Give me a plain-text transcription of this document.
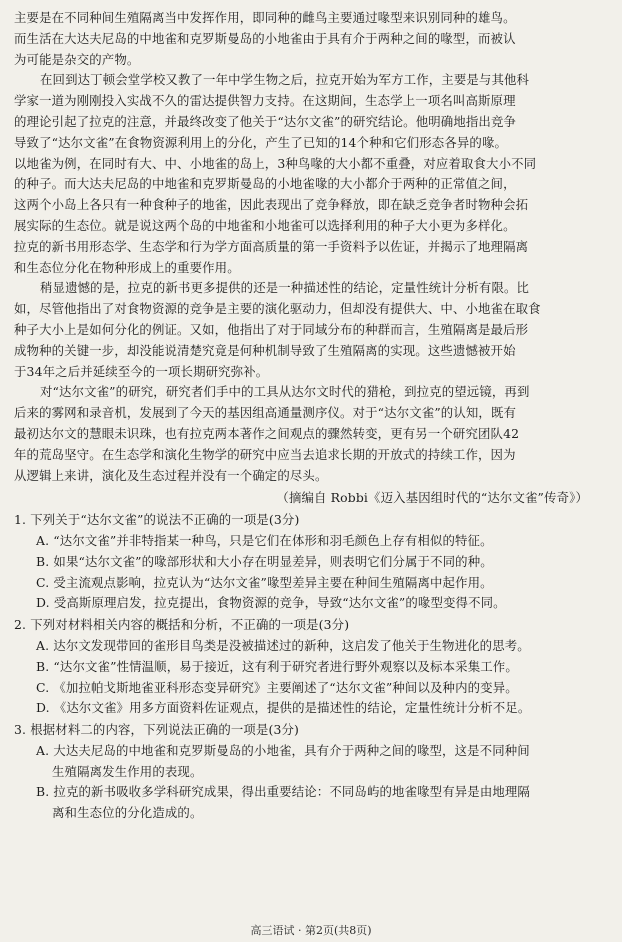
主要是在不同种间生殖隔离当中发挥作用，即同种的雌鸟主要通过喙型来识别同种的雄鸟。
而生活在大达夫尼岛的中地雀和克罗斯曼岛的小地雀由于具有介于两种之间的喙型，而被认
为可能是杂交的产物。
在回到达丁顿会堂学校又教了一年中学生物之后，拉克开始为军方工作，主要是与其他科
学家一道为刚刚投入实战不久的雷达提供智力支持。在这期间，生态学上一项名叫高斯原理
的理论引起了拉克的注意，并最终改变了他关于“达尔文雀”的研究结论。他明确地指出竞争
导致了“达尔文雀”在食物资源利用上的分化，产生了已知的14个种和它们形态各异的喙。
以地雀为例，在同时有大、中、小地雀的岛上，3种鸟喙的大小都不重叠，对应着取食大小不同
的种子。而大达夫尼岛的中地雀和克罗斯曼岛的小地雀喙的大小都介于两种的正常值之间，
这两个小岛上各只有一种食种子的地雀，因此表现出了竞争释放，即在缺乏竞争者时物种会拓
展实际的生态位。就是说这两个岛的中地雀和小地雀可以选择利用的种子大小更为多样化。
拉克的新书用形态学、生态学和行为学方面高质量的第一手资料予以佐证，并揭示了地理隔离
和生态位分化在物种形成上的重要作用。
稍显遗憾的是，拉克的新书更多提供的还是一种描述性的结论，定量性统计分析有限。比
如，尽管他指出了对食物资源的竞争是主要的演化驱动力，但却没有提供大、中、小地雀在取食
种子大小上是如何分化的例证。又如，他指出了对于同域分布的种群而言，生殖隔离是最后形
成物种的关键一步，却没能说清楚究竟是何种机制导致了生殖隔离的实现。这些遗憾被开始
于34年之后并延续至今的一项长期研究弥补。
对“达尔文雀”的研究，研究者们手中的工具从达尔文时代的猎枪，到拉克的望远镜，再到
后来的雾网和录音机，发展到了今天的基因组高通量测序仪。对于“达尔文雀”的认知，既有
最初达尔文的慧眼未识珠，也有拉克两本著作之间观点的骤然转变，更有另一个研究团队42
年的荒岛坚守。在生态学和演化生物学的研究中应当去追求长期的开放式的持续工作，因为
从逻辑上来讲，演化及生态过程并没有一个确定的尽头。
（摘编自 Robbi《迈入基因组时代的“达尔文雀”传奇》）
1. 下列关于“达尔文雀”的说法不正确的一项是(3分)
A. “达尔文雀”并非特指某一种鸟，只是它们在体形和羽毛颜色上存有相似的特征。
B. 如果“达尔文雀”的喙部形状和大小存在明显差异，则表明它们分属于不同的种。
C. 受主流观点影响，拉克认为“达尔文雀”喙型差异主要在种间生殖隔离中起作用。
D. 受高斯原理启发，拉克提出，食物资源的竞争，导致“达尔文雀”的喙型变得不同。
2. 下列对材料相关内容的概括和分析，不正确的一项是(3分)
A. 达尔文发现带回的雀形目鸟类是没被描述过的新种，这启发了他关于生物进化的思考。
B. “达尔文雀”性情温顺，易于接近，这有利于研究者进行野外观察以及标本采集工作。
C. 《加拉帕戈斯地雀亚科形态变异研究》主要阐述了“达尔文雀”种间以及种内的变异。
D. 《达尔文雀》用多方面资料佐证观点，提供的是描述性的结论，定量性统计分析不足。
3. 根据材料二的内容，下列说法正确的一项是(3分)
A. 大达夫尼岛的中地雀和克罗斯曼岛的小地雀，具有介于两种之间的喙型，这是不同种间
生殖隔离发生作用的表现。
B. 拉克的新书吸收多学科研究成果，得出重要结论：不同岛屿的地雀喙型有异是由地理隔
离和生态位的分化造成的。
高三语试 · 第2页(共8页)
